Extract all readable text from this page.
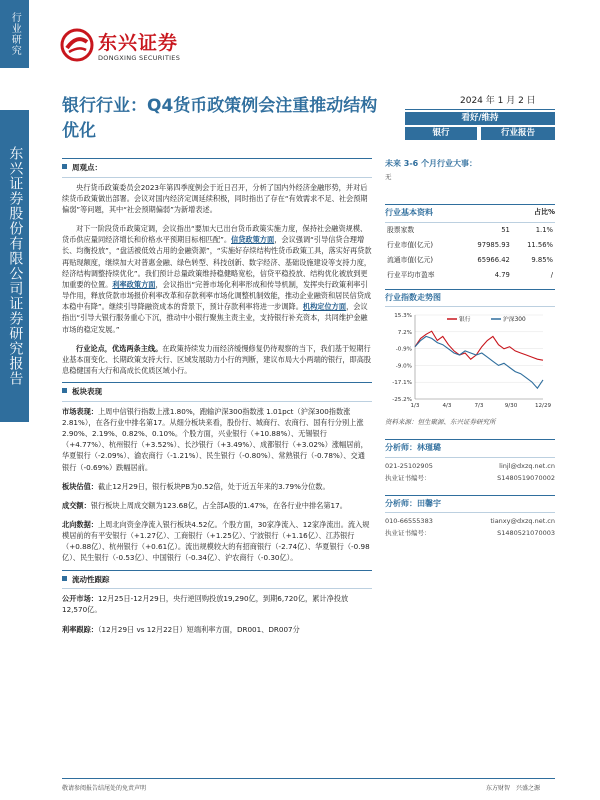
行业研究
东兴证券股份有限公司证券研究报告
东兴证券
DONGXING SECURITIES
银行行业：Q4货币政策例会注重推动结构优化
2024 年 1 月 2 日
看好/维持
银行	行业报告
周观点：

央行货币政策委员会2023年第四季度例会于近日召开，分析了国内外经济金融形势，并对后续货币政策做出部署。会议对国内经济定调延续积极，同时指出了存在“有效需求不足、社会预期偏弱”等问题，其中“社会预期偏弱”为新增表述。

对下一阶段货币政策定调，会议指出“要加大已出台货币政策实施力度，保持社会融资规模、货币供应量同经济增长和价格水平预期目标相匹配”。信贷政策方面，会议强调“引导信贷合理增长、均衡投放”，“盘活被低效占用的金融资源”，“实施好存续结构性货币政策工具，落实好再贷款再贴现额度，继续加大对普惠金融、绿色转型、科技创新、数字经济、基础设施建设等支持力度，经济结构调整持续优化”。我们预计总量政策维持稳健略宽松，信贷平稳投放、结构优化被放到更加重要的位置。利率政策方面，会议指出“完善市场化利率形成和传导机制，发挥央行政策利率引导作用，释放贷款市场报价利率改革和存款利率市场化调整机制效能，推动企业融资和居民信贷成本稳中有降”。继续引导降融资成本的背景下，预计存款利率将进一步调降。机构定位方面，会议指出“引导大银行服务重心下沉，推动中小银行聚焦主责主业，支持银行补充资本，共同维护金融市场的稳定发展。”

行业论点，优选两条主线。在政策持续发力而经济缓慢修复仍待观察的当下，我们基于短期行业基本面变化、长期政策支持大行、区域发展助力小行的判断，建议布局大小两端的银行，即高股息稳健国有大行和高成长优质区域小行。

板块表现

市场表现：上周中信银行指数上涨1.80%，跑输沪深300指数涨 1.01pct（沪深300指数涨 2.81%），在各行业中排名第17。从细分板块来看，股份行、城商行、农商行、国有行分别上涨 2.90%、2.19%、0.82%、0.10%。个股方面，兴业银行（+10.88%）、无锡银行（+4.77%）、杭州银行（+3.52%）、长沙银行（+3.49%）、成都银行（+3.02%）涨幅居前，华夏银行（-2.09%）、渝农商行（-1.21%）、民生银行（-0.80%）、常熟银行（-0.78%）、交通银行（-0.69%）跌幅居前。

板块估值：截止12月29日，银行板块PB为0.52倍，处于近五年来的3.79%分位数。

成交额：银行板块上周成交额为123.68亿，占全部A股的1.47%，在各行业中排名第17。

北向数据：上周北向资金净流入银行板块4.52亿。个股方面，30家净流入、12家净流出。流入规模居前的有平安银行（+1.27亿）、工商银行（+1.25亿）、宁波银行（+1.16亿）、江苏银行（+0.88亿）、杭州银行（+0.61亿）。流出规模较大的有招商银行（-2.74亿）、华夏银行（-0.98亿）、民生银行（-0.53亿）、中国银行（-0.34亿）、沪农商行（-0.30亿）。

流动性跟踪

公开市场：12月25日-12月29日，央行逆回购投放19,290亿，到期6,720亿，累计净投放12,570亿。

利率跟踪：（12月29日 vs 12月22日）短端利率方面，DR001、DR007分

未来 3-6 个月行业大事：
无
行业基本资料	占比%
股票家数	51	1.1%
行业市值(亿元)	97985.93	11.56%
流通市值(亿元)	65966.42	9.85%
行业平均市盈率	4.79	/
行业指数走势图
15.3%
7.2%
-0.9%
-9.0%
-17.1%
-25.2%
1/3	4/3	7/3	9/30	12/29
银行	沪深300
资料来源：恒生聚源、东兴证券研究所
分析师：林瑾璐
021-25102905	linjl@dxzq.net.cn
执业证书编号：	S1480519070002
分析师：田馨宇
010-66555383	tianxy@dxzq.net.cn
执业证书编号：	S1480521070003
敬请参阅报告结尾处的免责声明	东方财智　兴盛之源
